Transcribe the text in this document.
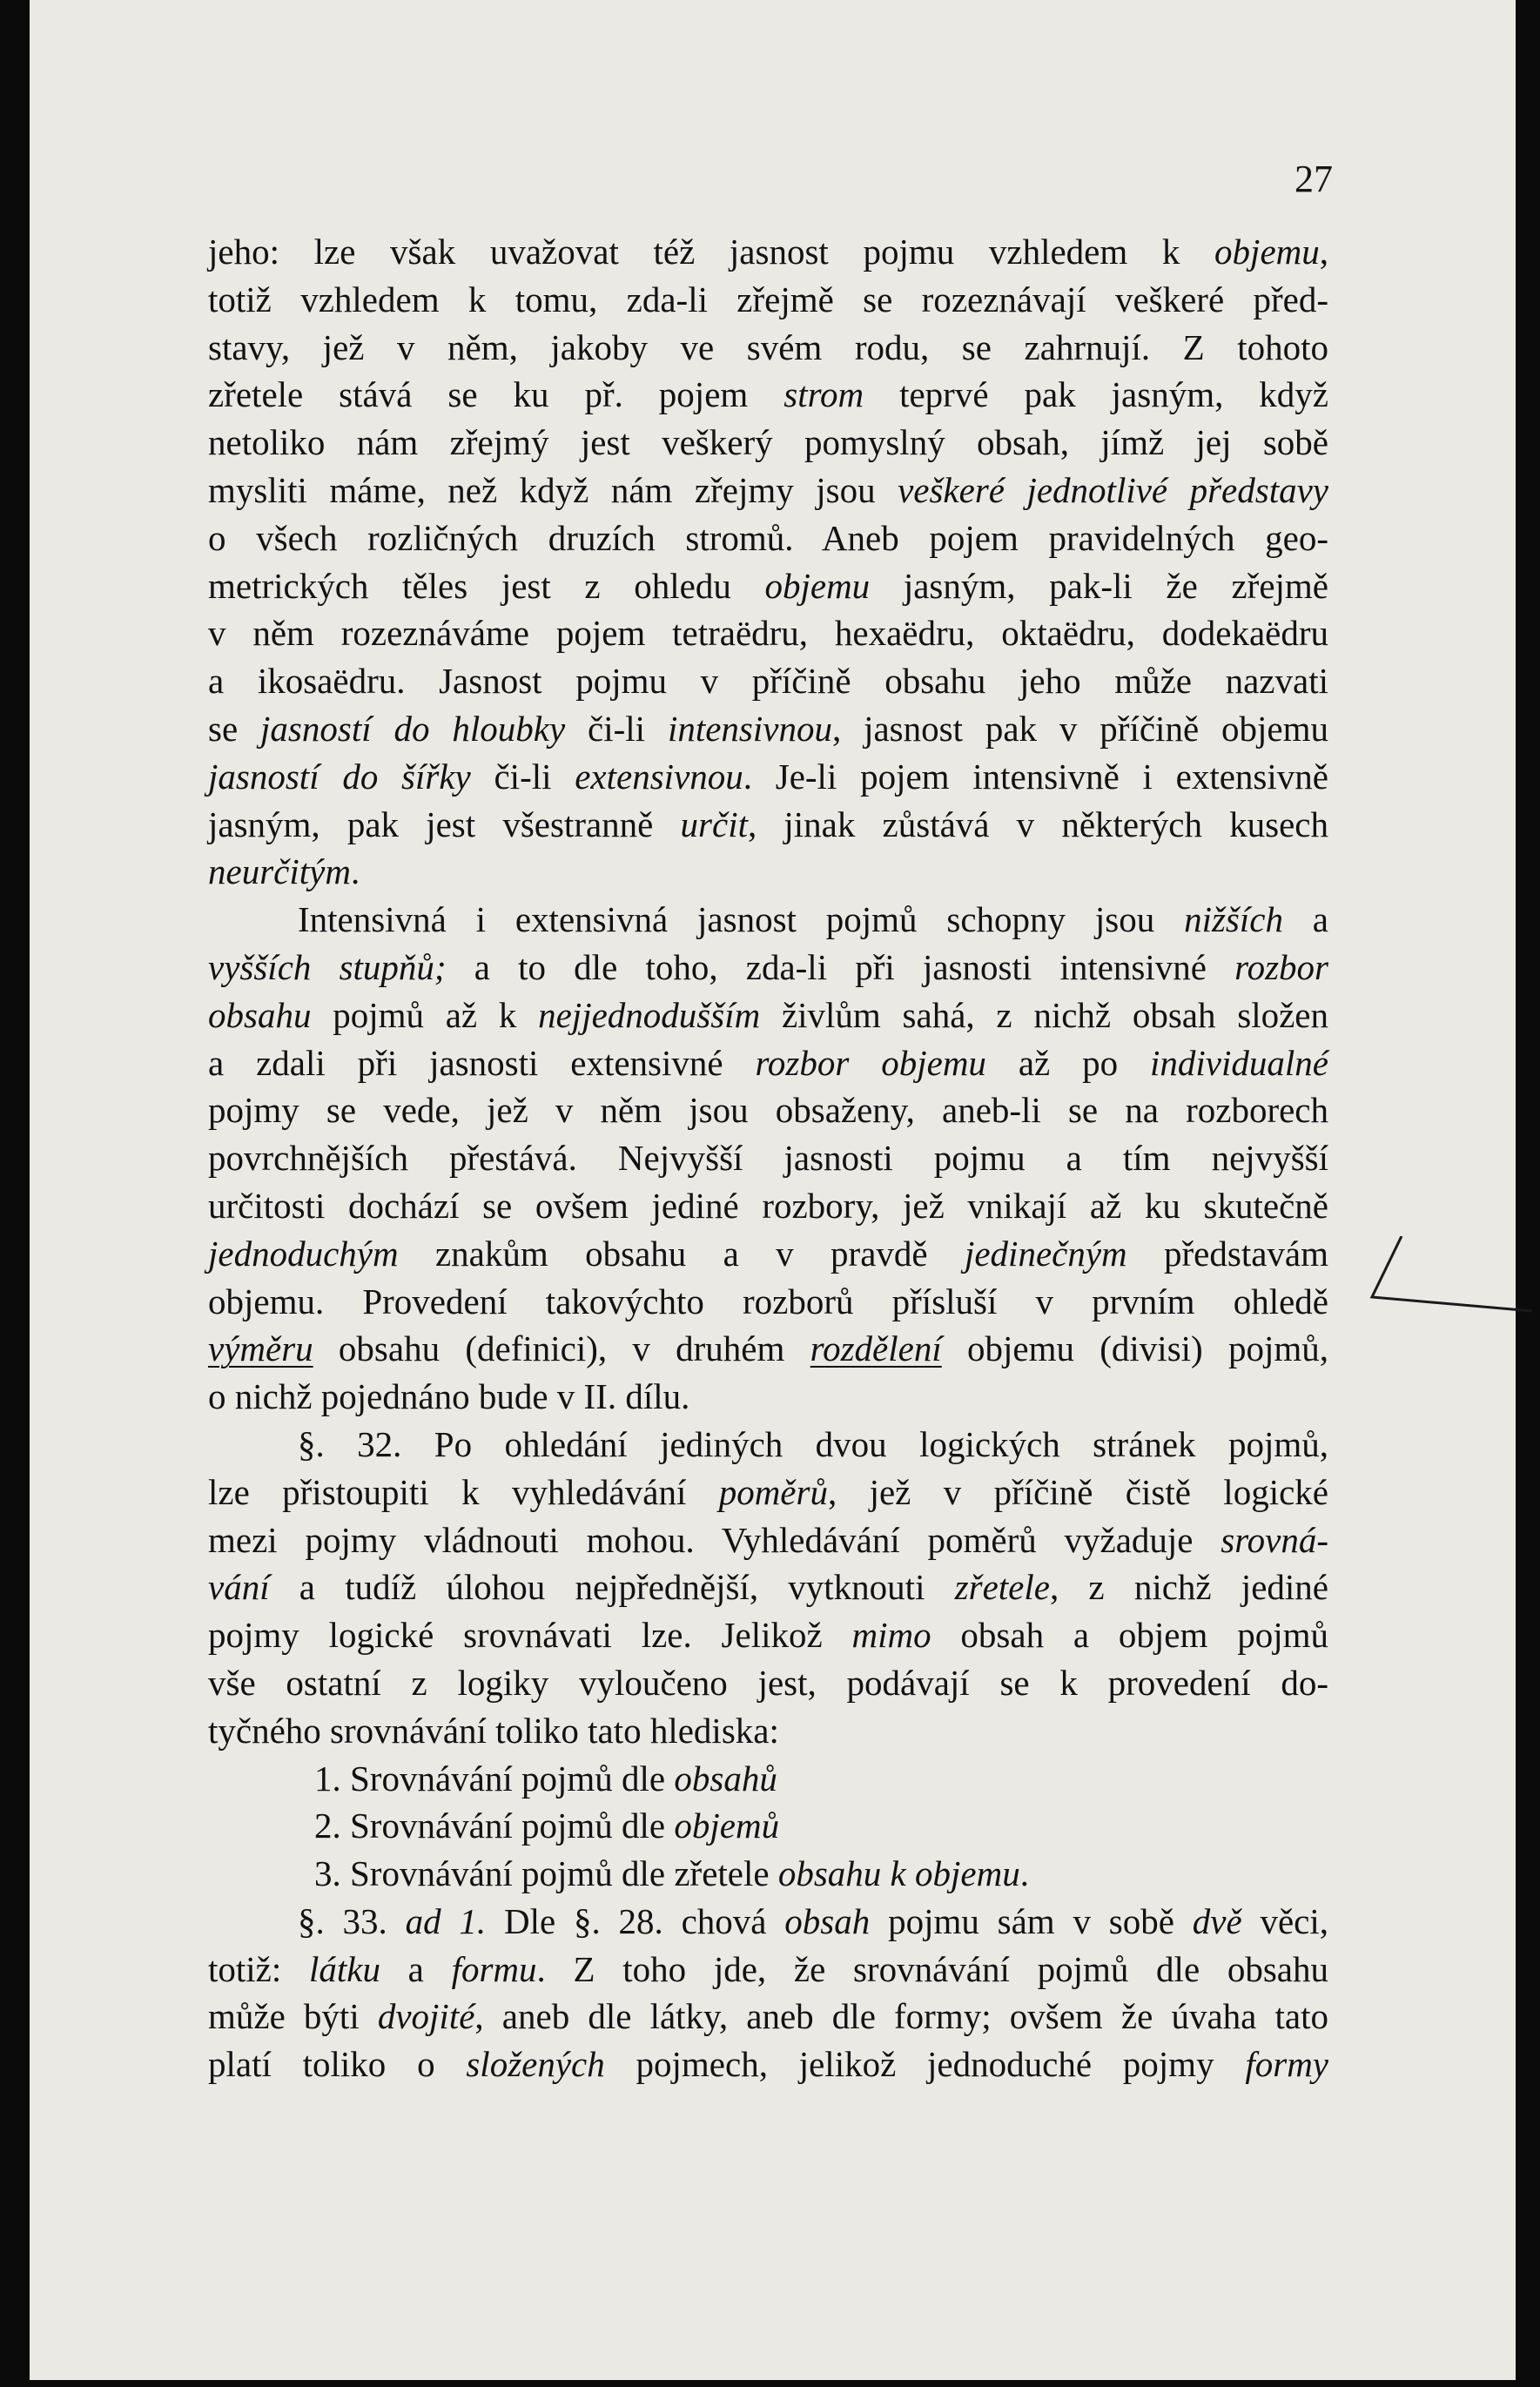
27
jeho: lze však uvažovat též jasnost pojmu vzhledem k objemu,
totiž vzhledem k tomu, zda-li zřejmě se rozeznávají veškeré před-
stavy, jež v něm, jakoby ve svém rodu, se zahrnují. Z tohoto
zřetele stává se ku př. pojem strom teprvé pak jasným, když
netoliko nám zřejmý jest veškerý pomyslný obsah, jímž jej sobě
mysliti máme, než když nám zřejmy jsou veškeré jednotlivé představy
o všech rozličných druzích stromů. Aneb pojem pravidelných geo-
metrických těles jest z ohledu objemu jasným, pak-li že zřejmě
v něm rozeznáváme pojem tetraëdru, hexaëdru, oktaëdru, dodekaëdru
a ikosaëdru. Jasnost pojmu v příčině obsahu jeho může nazvati
se jasností do hloubky či-li intensivnou, jasnost pak v příčině objemu
jasností do šířky či-li extensivnou. Je-li pojem intensivně i extensivně
jasným, pak jest všestranně určit, jinak zůstává v některých kusech
neurčitým.
Intensivná i extensivná jasnost pojmů schopny jsou nižších a
vyšších stupňů; a to dle toho, zda-li při jasnosti intensivné rozbor
obsahu pojmů až k nejjednodušším živlům sahá, z nichž obsah složen
a zdali při jasnosti extensivné rozbor objemu až po individualné
pojmy se vede, jež v něm jsou obsaženy, aneb-li se na rozborech
povrchnějších přestává. Nejvyšší jasnosti pojmu a tím nejvyšší
určitosti dochází se ovšem jediné rozbory, jež vnikají až ku skutečně
jednoduchým znakům obsahu a v pravdě jedinečným představám
objemu. Provedení takovýchto rozborů přísluší v prvním ohledě
výměru obsahu (definici), v druhém rozdělení objemu (divisi) pojmů,
o nichž pojednáno bude v II. dílu.
§. 32. Po ohledání jediných dvou logických stránek pojmů,
lze přistoupiti k vyhledávání poměrů, jež v příčině čistě logické
mezi pojmy vládnouti mohou. Vyhledávání poměrů vyžaduje srovná-
vání a tudíž úlohou nejpřednější, vytknouti zřetele, z nichž jediné
pojmy logické srovnávati lze. Jelikož mimo obsah a objem pojmů
vše ostatní z logiky vyloučeno jest, podávají se k provedení do-
tyčného srovnávání toliko tato hlediska:
1. Srovnávání pojmů dle obsahů
2. Srovnávání pojmů dle objemů
3. Srovnávání pojmů dle zřetele obsahu k objemu.
§. 33. ad 1. Dle §. 28. chová obsah pojmu sám v sobě dvě věci,
totiž: látku a formu. Z toho jde, že srovnávání pojmů dle obsahu
může býti dvojité, aneb dle látky, aneb dle formy; ovšem že úvaha tato
platí toliko o složených pojmech, jelikož jednoduché pojmy formy
